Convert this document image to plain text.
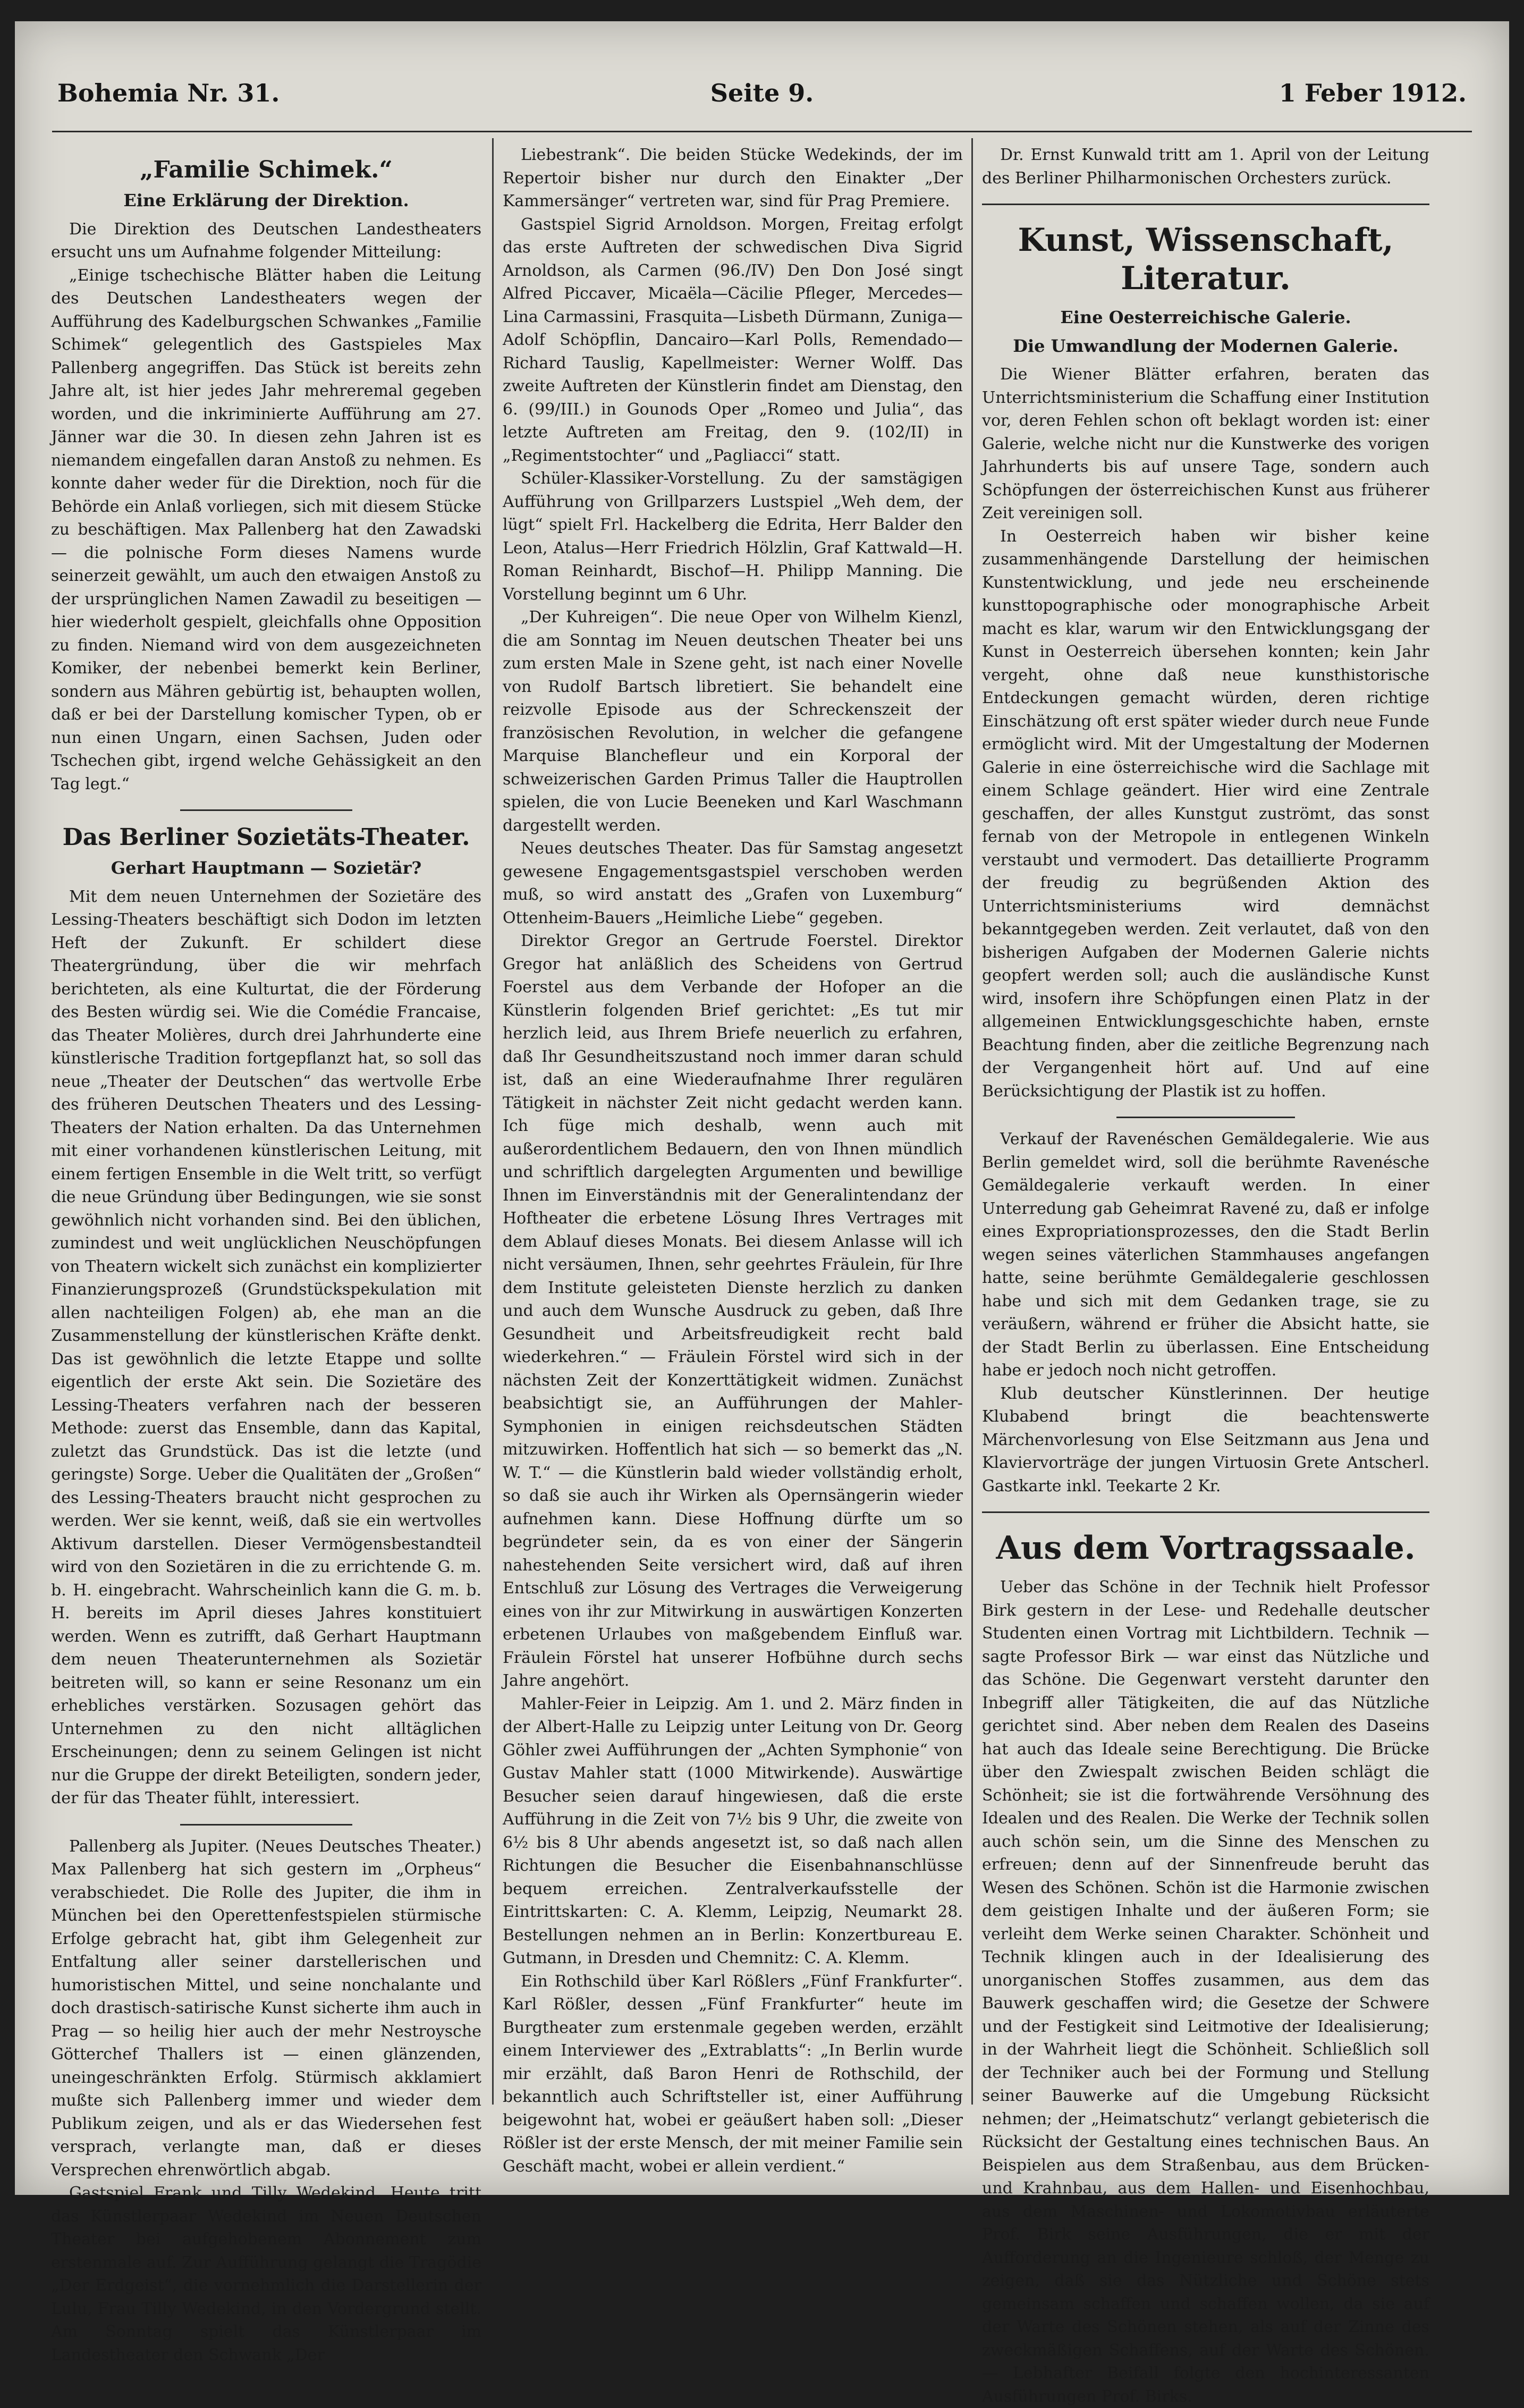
Bohemia Nr. 31.	Seite 9.	1 Feber 1912.
„Familie Schimek.“
Eine Erklärung der Direktion.

Die Direktion des Deutschen Landestheaters ersucht uns um Aufnahme folgender Mitteilung:

„Einige tschechische Blätter haben die Leitung des Deutschen Landestheaters wegen der Aufführung des Kadelburgschen Schwankes „Familie Schimek“ gelegentlich des Gastspieles Max Pallenberg angegriffen. Das Stück ist bereits zehn Jahre alt, ist hier jedes Jahr mehreremal gegeben worden, und die inkriminierte Aufführung am 27. Jänner war die 30. In diesen zehn Jahren ist es niemandem eingefallen daran Anstoß zu nehmen. Es konnte daher weder für die Direktion, noch für die Behörde ein Anlaß vorliegen, sich mit diesem Stücke zu beschäftigen. Max Pallenberg hat den Zawadski — die polnische Form dieses Namens wurde seinerzeit gewählt, um auch den etwaigen Anstoß zu der ursprünglichen Namen Zawadil zu beseitigen — hier wiederholt gespielt, gleichfalls ohne Opposition zu finden. Niemand wird von dem ausgezeichneten Komiker, der nebenbei bemerkt kein Berliner, sondern aus Mähren gebürtig ist, behaupten wollen, daß er bei der Darstellung komischer Typen, ob er nun einen Ungarn, einen Sachsen, Juden oder Tschechen gibt, irgend welche Gehässigkeit an den Tag legt.“

Das Berliner Sozietäts-Theater.
Gerhart Hauptmann — Sozietär?

Mit dem neuen Unternehmen der Sozietäre des Lessing-Theaters beschäftigt sich Dodon im letzten Heft der Zukunft. Er schildert diese Theatergründung, über die wir mehrfach berichteten, als eine Kulturtat, die der Förderung des Besten würdig sei. Wie die Comédie Francaise, das Theater Molières, durch drei Jahrhunderte eine künstlerische Tradition fortgepflanzt hat, so soll das neue „Theater der Deutschen“ das wertvolle Erbe des früheren Deutschen Theaters und des Lessing-Theaters der Nation erhalten. Da das Unternehmen mit einer vorhandenen künstlerischen Leitung, mit einem fertigen Ensemble in die Welt tritt, so verfügt die neue Gründung über Bedingungen, wie sie sonst gewöhnlich nicht vorhanden sind. Bei den üblichen, zumindest und weit unglücklichen Neuschöpfungen von Theatern wickelt sich zunächst ein komplizierter Finanzierungsprozeß (Grundstückspekulation mit allen nachteiligen Folgen) ab, ehe man an die Zusammenstellung der künstlerischen Kräfte denkt. Das ist gewöhnlich die letzte Etappe und sollte eigentlich der erste Akt sein. Die Sozietäre des Lessing-Theaters verfahren nach der besseren Methode: zuerst das Ensemble, dann das Kapital, zuletzt das Grundstück. Das ist die letzte (und geringste) Sorge. Ueber die Qualitäten der „Großen“ des Lessing-Theaters braucht nicht gesprochen zu werden. Wer sie kennt, weiß, daß sie ein wertvolles Aktivum darstellen. Dieser Vermögensbestandteil wird von den Sozietären in die zu errichtende G. m. b. H. eingebracht. Wahrscheinlich kann die G. m. b. H. bereits im April dieses Jahres konstituiert werden. Wenn es zutrifft, daß Gerhart Hauptmann dem neuen Theaterunternehmen als Sozietär beitreten will, so kann er seine Resonanz um ein erhebliches verstärken. Sozusagen gehört das Unternehmen zu den nicht alltäglichen Erscheinungen; denn zu seinem Gelingen ist nicht nur die Gruppe der direkt Beteiligten, sondern jeder, der für das Theater fühlt, interessiert.

Pallenberg als Jupiter. (Neues Deutsches Theater.) Max Pallenberg hat sich gestern im „Orpheus“ verabschiedet. Die Rolle des Jupiter, die ihm in München bei den Operettenfestspielen stürmische Erfolge gebracht hat, gibt ihm Gelegenheit zur Entfaltung aller seiner darstellerischen und humoristischen Mittel, und seine nonchalante und doch drastisch-satirische Kunst sicherte ihm auch in Prag — so heilig hier auch der mehr Nestroysche Götterchef Thallers ist — einen glänzenden, uneingeschränkten Erfolg. Stürmisch akklamiert mußte sich Pallenberg immer und wieder dem Publikum zeigen, und als er das Wiedersehen fest versprach, verlangte man, daß er dieses Versprechen ehrenwörtlich abgab.

Gastspiel Frank und Tilly Wedekind. Heute tritt das Künstlerpaar Wedekind im Neuen Deutschen Theater bei aufgehobenem Abonnement zum erstenmale auf. Zur Aufführung gelangt die Tragödie „Der Erdgeist“, die vornehmlich die Darstellerin der Lulu, Frau Tilly Wedekind, in den Vordergrund stellt. Am Sonntag spielt das Künstlerpaar im Landestheater den Schwank „Der

Liebestrank“. Die beiden Stücke Wedekinds, der im Repertoir bisher nur durch den Einakter „Der Kammersänger“ vertreten war, sind für Prag Premiere.

Gastspiel Sigrid Arnoldson. Morgen, Freitag erfolgt das erste Auftreten der schwedischen Diva Sigrid Arnoldson, als Carmen (96./IV) Den Don José singt Alfred Piccaver, Micaëla—Cäcilie Pfleger, Mercedes—Lina Carmassini, Frasquita—Lisbeth Dürmann, Zuniga—Adolf Schöpflin, Dancairo—Karl Polls, Remendado—Richard Tauslig, Kapellmeister: Werner Wolff. Das zweite Auftreten der Künstlerin findet am Dienstag, den 6. (99/III.) in Gounods Oper „Romeo und Julia“, das letzte Auftreten am Freitag, den 9. (102/II) in „Regimentstochter“ und „Pagliacci“ statt.

Schüler-Klassiker-Vorstellung. Zu der samstägigen Aufführung von Grillparzers Lustspiel „Weh dem, der lügt“ spielt Frl. Hackelberg die Edrita, Herr Balder den Leon, Atalus—Herr Friedrich Hölzlin, Graf Kattwald—H. Roman Reinhardt, Bischof—H. Philipp Manning. Die Vorstellung beginnt um 6 Uhr.

„Der Kuhreigen“. Die neue Oper von Wilhelm Kienzl, die am Sonntag im Neuen deutschen Theater bei uns zum ersten Male in Szene geht, ist nach einer Novelle von Rudolf Bartsch libretiert. Sie behandelt eine reizvolle Episode aus der Schreckenszeit der französischen Revolution, in welcher die gefangene Marquise Blanchefleur und ein Korporal der schweizerischen Garden Primus Taller die Hauptrollen spielen, die von Lucie Beeneken und Karl Waschmann dargestellt werden.

Neues deutsches Theater. Das für Samstag angesetzt gewesene Engagementsgastspiel verschoben werden muß, so wird anstatt des „Grafen von Luxemburg“ Ottenheim-Bauers „Heimliche Liebe“ gegeben.

Direktor Gregor an Gertrude Foerstel. Direktor Gregor hat anläßlich des Scheidens von Gertrud Foerstel aus dem Verbande der Hofoper an die Künstlerin folgenden Brief gerichtet: „Es tut mir herzlich leid, aus Ihrem Briefe neuerlich zu erfahren, daß Ihr Gesundheitszustand noch immer daran schuld ist, daß an eine Wiederaufnahme Ihrer regulären Tätigkeit in nächster Zeit nicht gedacht werden kann. Ich füge mich deshalb, wenn auch mit außerordentlichem Bedauern, den von Ihnen mündlich und schriftlich dargelegten Argumenten und bewillige Ihnen im Einverständnis mit der Generalintendanz der Hoftheater die erbetene Lösung Ihres Vertrages mit dem Ablauf dieses Monats. Bei diesem Anlasse will ich nicht versäumen, Ihnen, sehr geehrtes Fräulein, für Ihre dem Institute geleisteten Dienste herzlich zu danken und auch dem Wunsche Ausdruck zu geben, daß Ihre Gesundheit und Arbeitsfreudigkeit recht bald wiederkehren.“ — Fräulein Förstel wird sich in der nächsten Zeit der Konzerttätigkeit widmen. Zunächst beabsichtigt sie, an Aufführungen der Mahler-Symphonien in einigen reichsdeutschen Städten mitzuwirken. Hoffentlich hat sich — so bemerkt das „N. W. T.“ — die Künstlerin bald wieder vollständig erholt, so daß sie auch ihr Wirken als Opernsängerin wieder aufnehmen kann. Diese Hoffnung dürfte um so begründeter sein, da es von einer der Sängerin nahestehenden Seite versichert wird, daß auf ihren Entschluß zur Lösung des Vertrages die Verweigerung eines von ihr zur Mitwirkung in auswärtigen Konzerten erbetenen Urlaubes von maßgebendem Einfluß war. Fräulein Förstel hat unserer Hofbühne durch sechs Jahre angehört.

Mahler-Feier in Leipzig. Am 1. und 2. März finden in der Albert-Halle zu Leipzig unter Leitung von Dr. Georg Göhler zwei Aufführungen der „Achten Symphonie“ von Gustav Mahler statt (1000 Mitwirkende). Auswärtige Besucher seien darauf hingewiesen, daß die erste Aufführung in die Zeit von 7½ bis 9 Uhr, die zweite von 6½ bis 8 Uhr abends angesetzt ist, so daß nach allen Richtungen die Besucher die Eisenbahnanschlüsse bequem erreichen. Zentralverkaufsstelle der Eintrittskarten: C. A. Klemm, Leipzig, Neumarkt 28. Bestellungen nehmen an in Berlin: Konzertbureau E. Gutmann, in Dresden und Chemnitz: C. A. Klemm.

Ein Rothschild über Karl Rößlers „Fünf Frankfurter“. Karl Rößler, dessen „Fünf Frankfurter“ heute im Burgtheater zum erstenmale gegeben werden, erzählt einem Interviewer des „Extrablatts“: „In Berlin wurde mir erzählt, daß Baron Henri de Rothschild, der bekanntlich auch Schriftsteller ist, einer Aufführung beigewohnt hat, wobei er geäußert haben soll: „Dieser Rößler ist der erste Mensch, der mit meiner Familie sein Geschäft macht, wobei er allein verdient.“

Dr. Ernst Kunwald tritt am 1. April von der Leitung des Berliner Philharmonischen Orchesters zurück.

Kunst, Wissenschaft, Literatur.
Eine Oesterreichische Galerie.
Die Umwandlung der Modernen Galerie.

Die Wiener Blätter erfahren, beraten das Unterrichtsministerium die Schaffung einer Institution vor, deren Fehlen schon oft beklagt worden ist: einer Galerie, welche nicht nur die Kunstwerke des vorigen Jahrhunderts bis auf unsere Tage, sondern auch Schöpfungen der österreichischen Kunst aus früherer Zeit vereinigen soll.

In Oesterreich haben wir bisher keine zusammenhängende Darstellung der heimischen Kunstentwicklung, und jede neu erscheinende kunsttopographische oder monographische Arbeit macht es klar, warum wir den Entwicklungsgang der Kunst in Oesterreich übersehen konnten; kein Jahr vergeht, ohne daß neue kunsthistorische Entdeckungen gemacht würden, deren richtige Einschätzung oft erst später wieder durch neue Funde ermöglicht wird. Mit der Umgestaltung der Modernen Galerie in eine österreichische wird die Sachlage mit einem Schlage geändert. Hier wird eine Zentrale geschaffen, der alles Kunstgut zuströmt, das sonst fernab von der Metropole in entlegenen Winkeln verstaubt und vermodert. Das detaillierte Programm der freudig zu begrüßenden Aktion des Unterrichtsministeriums wird demnächst bekanntgegeben werden. Zeit verlautet, daß von den bisherigen Aufgaben der Modernen Galerie nichts geopfert werden soll; auch die ausländische Kunst wird, insofern ihre Schöpfungen einen Platz in der allgemeinen Entwicklungsgeschichte haben, ernste Beachtung finden, aber die zeitliche Begrenzung nach der Vergangenheit hört auf. Und auf eine Berücksichtigung der Plastik ist zu hoffen.

Verkauf der Ravenéschen Gemäldegalerie. Wie aus Berlin gemeldet wird, soll die berühmte Ravenésche Gemäldegalerie verkauft werden. In einer Unterredung gab Geheimrat Ravené zu, daß er infolge eines Expropriationsprozesses, den die Stadt Berlin wegen seines väterlichen Stammhauses angefangen hatte, seine berühmte Gemäldegalerie geschlossen habe und sich mit dem Gedanken trage, sie zu veräußern, während er früher die Absicht hatte, sie der Stadt Berlin zu überlassen. Eine Entscheidung habe er jedoch noch nicht getroffen.

Klub deutscher Künstlerinnen. Der heutige Klubabend bringt die beachtenswerte Märchenvorlesung von Else Seitzmann aus Jena und Klaviervorträge der jungen Virtuosin Grete Antscherl. Gastkarte inkl. Teekarte 2 Kr.

Aus dem Vortragssaale.

Ueber das Schöne in der Technik hielt Professor Birk gestern in der Lese- und Redehalle deutscher Studenten einen Vortrag mit Lichtbildern. Technik — sagte Professor Birk — war einst das Nützliche und das Schöne. Die Gegenwart versteht darunter den Inbegriff aller Tätigkeiten, die auf das Nützliche gerichtet sind. Aber neben dem Realen des Daseins hat auch das Ideale seine Berechtigung. Die Brücke über den Zwiespalt zwischen Beiden schlägt die Schönheit; sie ist die fortwährende Versöhnung des Idealen und des Realen. Die Werke der Technik sollen auch schön sein, um die Sinne des Menschen zu erfreuen; denn auf der Sinnenfreude beruht das Wesen des Schönen. Schön ist die Harmonie zwischen dem geistigen Inhalte und der äußeren Form; sie verleiht dem Werke seinen Charakter. Schönheit und Technik klingen auch in der Idealisierung des unorganischen Stoffes zusammen, aus dem das Bauwerk geschaffen wird; die Gesetze der Schwere und der Festigkeit sind Leitmotive der Idealisierung; in der Wahrheit liegt die Schönheit. Schließlich soll der Techniker auch bei der Formung und Stellung seiner Bauwerke auf die Umgebung Rücksicht nehmen; der „Heimatschutz“ verlangt gebieterisch die Rücksicht der Gestaltung eines technischen Baus. An Beispielen aus dem Straßenbau, aus dem Brücken- und Krahnbau, aus dem Hallen- und Eisenhochbau, aus dem Maschinen- und Lokomotivbau erläuterte Prof. Birk seine Ausführungen, die er mit der Aufforderung an die Ingenieure schloß, der Menge zu zeigen, daß sie das Nützliche und Schöne stets gemeinsam schaffen und schaffen wollen, da sie auf der Warte des Schönen stehen, als auf der Zinne des zweckmäßigen Schaffens, auf der Warte des Schönen. — Lebhafter Beifall folgte den hochinteressanten Ausführungen Prof. Birks.
